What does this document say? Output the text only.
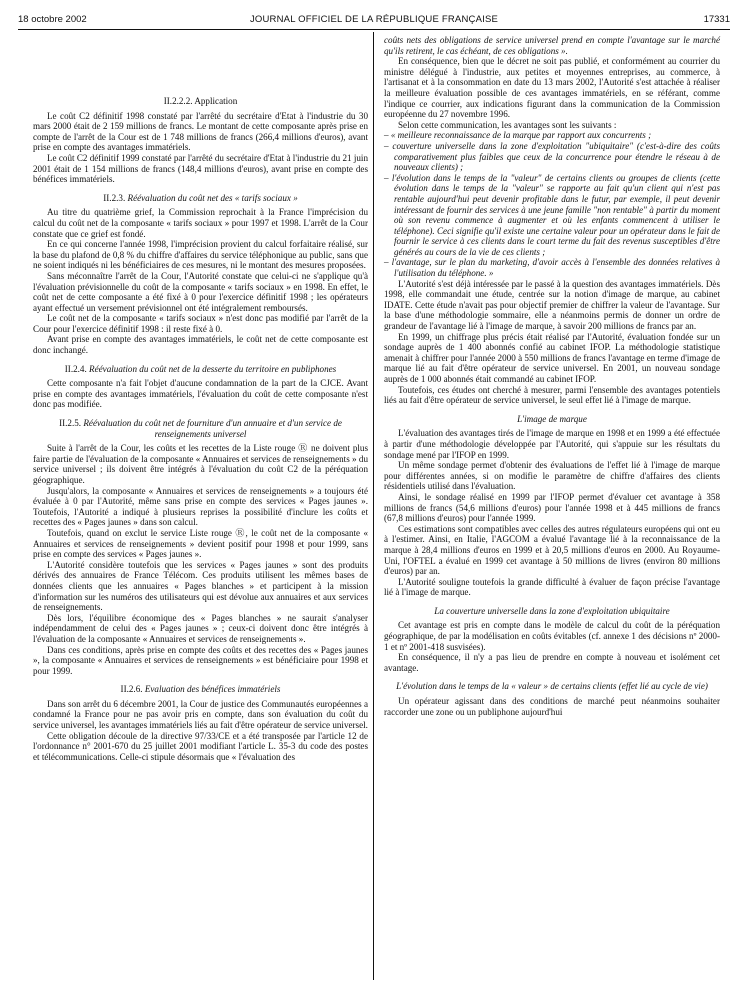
18 octobre 2002	JOURNAL OFFICIEL DE LA RÉPUBLIQUE FRANÇAISE	17331
II.2.2.2. Application

Le coût C2 définitif 1998 constaté par l'arrêté du secrétaire d'Etat à l'industrie du 30 mars 2000 était de 2 159 millions de francs. Le montant de cette composante après prise en compte de l'arrêt de la Cour est de 1 748 millions de francs (266,4 millions d'euros), avant prise en compte des avantages immatériels.

Le coût C2 définitif 1999 constaté par l'arrêté du secrétaire d'Etat à l'industrie du 21 juin 2001 était de 1 154 millions de francs (148,4 millions d'euros), avant prise en compte des bénéfices immatériels.

II.2.3. Réévaluation du coût net des « tarifs sociaux »

Au titre du quatrième grief, la Commission reprochait à la France l'imprécision du calcul du coût net de la composante « tarifs sociaux » pour 1997 et 1998. L'arrêt de la Cour constate que ce grief est fondé.

En ce qui concerne l'année 1998, l'imprécision provient du calcul forfaitaire réalisé, sur la base du plafond de 0,8 % du chiffre d'affaires du service téléphonique au public, sans que ne soient indiqués ni les bénéficiaires de ces mesures, ni le montant des mesures proposées.

Sans méconnaître l'arrêt de la Cour, l'Autorité constate que celui-ci ne s'applique qu'à l'évaluation prévisionnelle du coût de la composante « tarifs sociaux » en 1998. En effet, le coût net de cette composante a été fixé à 0 pour l'exercice définitif 1998 ; les opérateurs ayant effectué un versement prévisionnel ont été intégralement remboursés.

Le coût net de la composante « tarifs sociaux » n'est donc pas modifié par l'arrêt de la Cour pour l'exercice définitif 1998 : il reste fixé à 0.

Avant prise en compte des avantages immatériels, le coût net de cette composante est donc inchangé.

II.2.4. Réévaluation du coût net de la desserte du territoire en publiphones

Cette composante n'a fait l'objet d'aucune condamnation de la part de la CJCE. Avant prise en compte des avantages immatériels, l'évaluation du coût de cette composante n'est donc pas modifiée.

II.2.5. Réévaluation du coût net de fourniture d'un annuaire et d'un service de renseignements universel

Suite à l'arrêt de la Cour, les coûts et les recettes de la Liste rouge Ⓡ ne doivent plus faire partie de l'évaluation de la composante « Annuaires et services de renseignements » du service universel ; ils doivent être intégrés à l'évaluation du coût C2 de la péréquation géographique.

Jusqu'alors, la composante « Annuaires et services de renseignements » a toujours été évaluée à 0 par l'Autorité, même sans prise en compte des services « Pages jaunes ». Toutefois, l'Autorité a indiqué à plusieurs reprises la possibilité d'inclure les coûts et recettes des « Pages jaunes » dans son calcul.

Toutefois, quand on exclut le service Liste rouge Ⓡ, le coût net de la composante « Annuaires et services de renseignements » devient positif pour 1998 et pour 1999, sans prise en compte des services « Pages jaunes ».

L'Autorité considère toutefois que les services « Pages jaunes » sont des produits dérivés des annuaires de France Télécom. Ces produits utilisent les mêmes bases de données clients que les annuaires « Pages blanches » et participent à la mission d'information sur les numéros des utilisateurs qui est dévolue aux annuaires et aux services de renseignements.

Dès lors, l'équilibre économique des « Pages blanches » ne saurait s'analyser indépendamment de celui des « Pages jaunes » ; ceux-ci doivent donc être intégrés à l'évaluation de la composante « Annuaires et services de renseignements ».

Dans ces conditions, après prise en compte des coûts et des recettes des « Pages jaunes », la composante « Annuaires et services de renseignements » est bénéficiaire pour 1998 et pour 1999.

II.2.6. Evaluation des bénéfices immatériels

Dans son arrêt du 6 décembre 2001, la Cour de justice des Communautés européennes a condamné la France pour ne pas avoir pris en compte, dans son évaluation du coût du service universel, les avantages immatériels liés au fait d'être opérateur de service universel.

Cette obligation découle de la directive 97/33/CE et a été transposée par l'article 12 de l'ordonnance n° 2001-670 du 25 juillet 2001 modifiant l'article L. 35-3 du code des postes et télécommunications. Celle-ci stipule désormais que « l'évaluation des

coûts nets des obligations de service universel prend en compte l'avantage sur le marché qu'ils retirent, le cas échéant, de ces obligations ».

En conséquence, bien que le décret ne soit pas publié, et conformément au courrier du ministre délégué à l'industrie, aux petites et moyennes entreprises, au commerce, à l'artisanat et à la consommation en date du 13 mars 2002, l'Autorité s'est attachée à réaliser la meilleure évaluation possible de ces avantages immatériels, en se référant, comme l'indique ce courrier, aux indications figurant dans la communication de la Commission européenne du 27 novembre 1996.

Selon cette communication, les avantages sont les suivants :

– « meilleure reconnaissance de la marque par rapport aux concurrents ;

– couverture universelle dans la zone d'exploitation "ubiquitaire" (c'est-à-dire des coûts comparativement plus faibles que ceux de la concurrence pour étendre le réseau à de nouveaux clients) ;

– l'évolution dans le temps de la "valeur" de certains clients ou groupes de clients (cette évolution dans le temps de la "valeur" se rapporte au fait qu'un client qui n'est pas rentable aujourd'hui peut devenir profitable dans le futur, par exemple, il peut devenir intéressant de fournir des services à une jeune famille "non rentable" à partir du moment où son revenu commence à augmenter et où les enfants commencent à utiliser le téléphone). Ceci signifie qu'il existe une certaine valeur pour un opérateur dans le fait de fournir le service à ces clients dans le court terme du fait des revenus susceptibles d'être générés au cours de la vie de ces clients ;

– l'avantage, sur le plan du marketing, d'avoir accès à l'ensemble des données relatives à l'utilisation du téléphone. »

L'Autorité s'est déjà intéressée par le passé à la question des avantages immatériels. Dès 1998, elle commandait une étude, centrée sur la notion d'image de marque, au cabinet IDATE. Cette étude n'avait pas pour objectif premier de chiffrer la valeur de l'avantage. Sur la base d'une méthodologie sommaire, elle a néanmoins permis de donner un ordre de grandeur de l'avantage lié à l'image de marque, à savoir 200 millions de francs par an.

En 1999, un chiffrage plus précis était réalisé par l'Autorité, évaluation fondée sur un sondage auprès de 1 400 abonnés confié au cabinet IFOP. La méthodologie statistique amenait à chiffrer pour l'année 2000 à 550 millions de francs l'avantage en terme d'image de marque lié au fait d'être opérateur de service universel. En 2001, un nouveau sondage auprès de 1 000 abonnés était commandé au cabinet IFOP.

Toutefois, ces études ont cherché à mesurer, parmi l'ensemble des avantages potentiels liés au fait d'être opérateur de service universel, le seul effet lié à l'image de marque.

L'image de marque

L'évaluation des avantages tirés de l'image de marque en 1998 et en 1999 a été effectuée à partir d'une méthodologie développée par l'Autorité, qui s'appuie sur les résultats du sondage mené par l'IFOP en 1999.

Un même sondage permet d'obtenir des évaluations de l'effet lié à l'image de marque pour différentes années, si on modifie le paramètre de chiffre d'affaires des clients résidentiels utilisé dans l'évaluation.

Ainsi, le sondage réalisé en 1999 par l'IFOP permet d'évaluer cet avantage à 358 millions de francs (54,6 millions d'euros) pour l'année 1998 et à 445 millions de francs (67,8 millions d'euros) pour l'année 1999.

Ces estimations sont compatibles avec celles des autres régulateurs européens qui ont eu à l'estimer. Ainsi, en Italie, l'AGCOM a évalué l'avantage lié à la reconnaissance de la marque à 28,4 millions d'euros en 1999 et à 20,5 millions d'euros en 2000. Au Royaume-Uni, l'OFTEL a évalué en 1999 cet avantage à 50 millions de livres (environ 80 millions d'euros) par an.

L'Autorité souligne toutefois la grande difficulté à évaluer de façon précise l'avantage lié à l'image de marque.

La couverture universelle dans la zone d'exploitation ubiquitaire

Cet avantage est pris en compte dans le modèle de calcul du coût de la péréquation géographique, de par la modélisation en coûts évitables (cf. annexe 1 des décisions nº 2000-1 et nº 2001-418 susvisées).

En conséquence, il n'y a pas lieu de prendre en compte à nouveau et isolément cet avantage.

L'évolution dans le temps de la « valeur » de certains clients (effet lié au cycle de vie)

Un opérateur agissant dans des conditions de marché peut néanmoins souhaiter raccorder une zone ou un publiphone aujourd'hui
